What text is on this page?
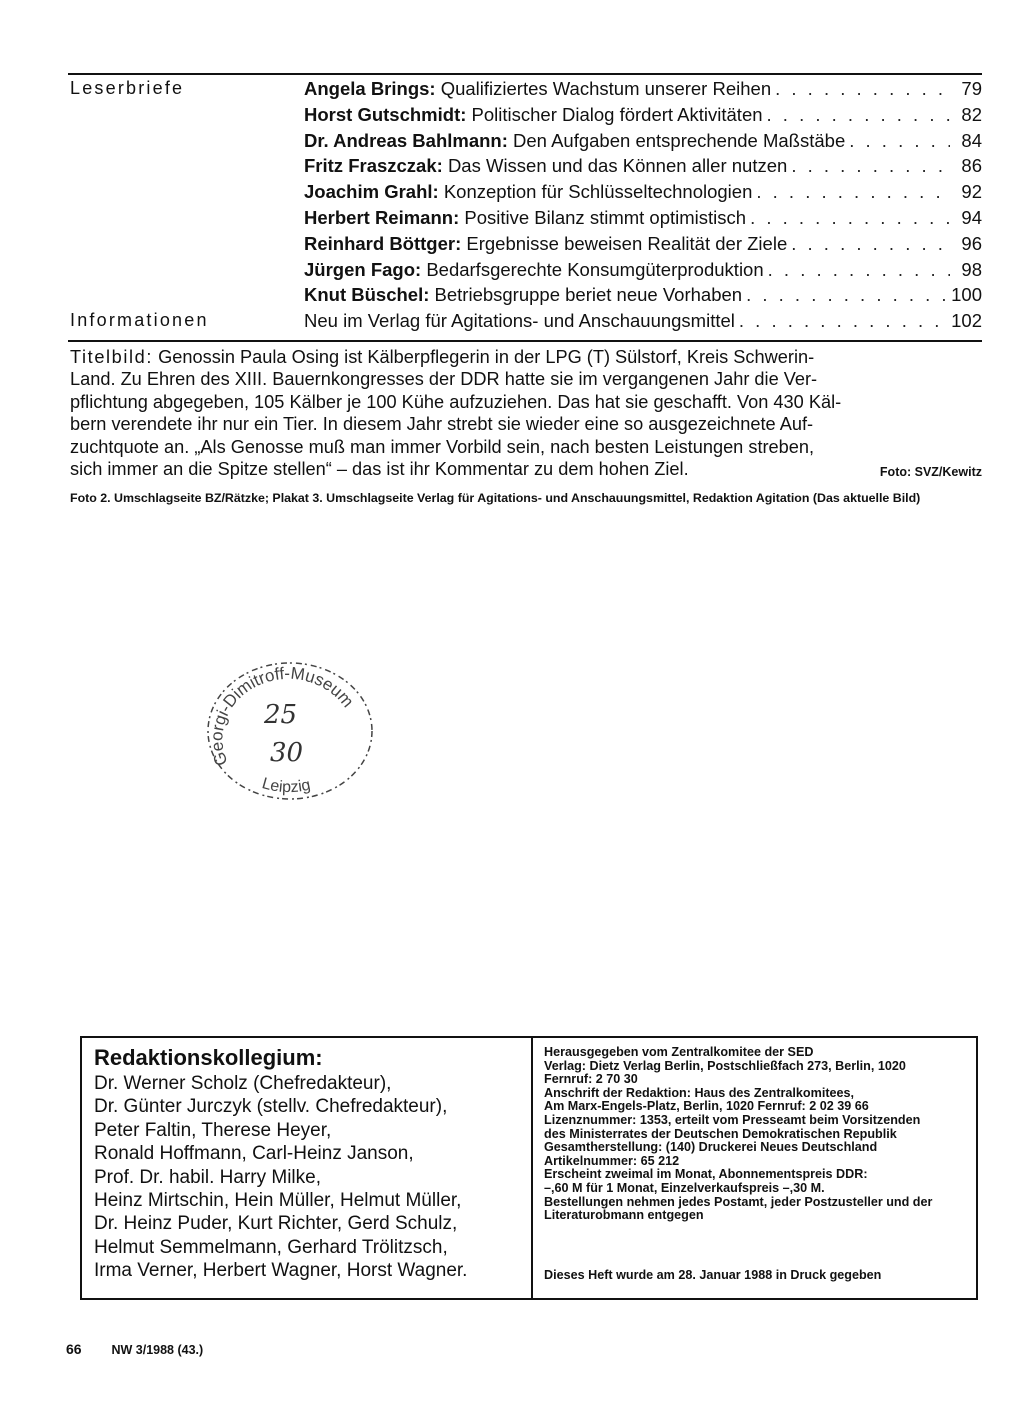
Leserbriefe	Angela Brings: Qualifiziertes Wachstum unserer Reihen . . .	79
Horst Gutschmidt: Politischer Dialog fördert Aktivitäten . . .	82
Dr. Andreas Bahlmann: Den Aufgaben entsprechende Maßstäbe . . .	84
Fritz Fraszczak: Das Wissen und das Können aller nutzen . . .	86
Joachim Grahl: Konzeption für Schlüsseltechnologien . . .	92
Herbert Reimann: Positive Bilanz stimmt optimistisch . . .	94
Reinhard Böttger: Ergebnisse beweisen Realität der Ziele . . .	96
Jürgen Fago: Bedarfsgerechte Konsumgüterproduktion . . .	98
Knut Büschel: Betriebsgruppe beriet neue Vorhaben . . .	100
Informationen	Neu im Verlag für Agitations- und Anschauungsmittel . . .	102
Titelbild: Genossin Paula Osing ist Kälberpflegerin in der LPG (T) Sülstorf, Kreis Schwerin-
Land. Zu Ehren des XIII. Bauernkongresses der DDR hatte sie im vergangenen Jahr die Ver-
pflichtung abgegeben, 105 Kälber je 100 Kühe aufzuziehen. Das hat sie geschafft. Von 430 Käl-
bern verendete ihr nur ein Tier. In diesem Jahr strebt sie wieder eine so ausgezeichnete Auf-
zuchtquote an. „Als Genosse muß man immer Vorbild sein, nach besten Leistungen streben,
sich immer an die Spitze stellen“ – das ist ihr Kommentar zu dem hohen Ziel.	Foto: SVZ/Kewitz
Foto 2. Umschlagseite BZ/Rätzke; Plakat 3. Umschlagseite Verlag für Agitations- und Anschauungsmittel, Redaktion Agitation (Das aktuelle Bild)
Georgi-Dimitroff-Museum
Leipzig
25
30
Redaktionskollegium:
Dr. Werner Scholz (Chefredakteur),
Dr. Günter Jurczyk (stellv. Chefredakteur),
Peter Faltin, Therese Heyer,
Ronald Hoffmann, Carl-Heinz Janson,
Prof. Dr. habil. Harry Milke,
Heinz Mirtschin, Hein Müller, Helmut Müller,
Dr. Heinz Puder, Kurt Richter, Gerd Schulz,
Helmut Semmelmann, Gerhard Trölitzsch,
Irma Verner, Herbert Wagner, Horst Wagner.
Herausgegeben vom Zentralkomitee der SED
Verlag: Dietz Verlag Berlin, Postschließfach 273, Berlin, 1020
Fernruf: 2 70 30
Anschrift der Redaktion: Haus des Zentralkomitees,
Am Marx-Engels-Platz, Berlin, 1020 Fernruf: 2 02 39 66
Lizenznummer: 1353, erteilt vom Presseamt beim Vorsitzenden
des Ministerrates der Deutschen Demokratischen Republik
Gesamtherstellung: (140) Druckerei Neues Deutschland
Artikelnummer: 65 212
Erscheint zweimal im Monat, Abonnementspreis DDR:
–,60 M für 1 Monat, Einzelverkaufspreis –,30 M.
Bestellungen nehmen jedes Postamt, jeder Postzusteller und der
Literaturobmann entgegen
Dieses Heft wurde am 28. Januar 1988 in Druck gegeben
66 NW 3/1988 (43.)
